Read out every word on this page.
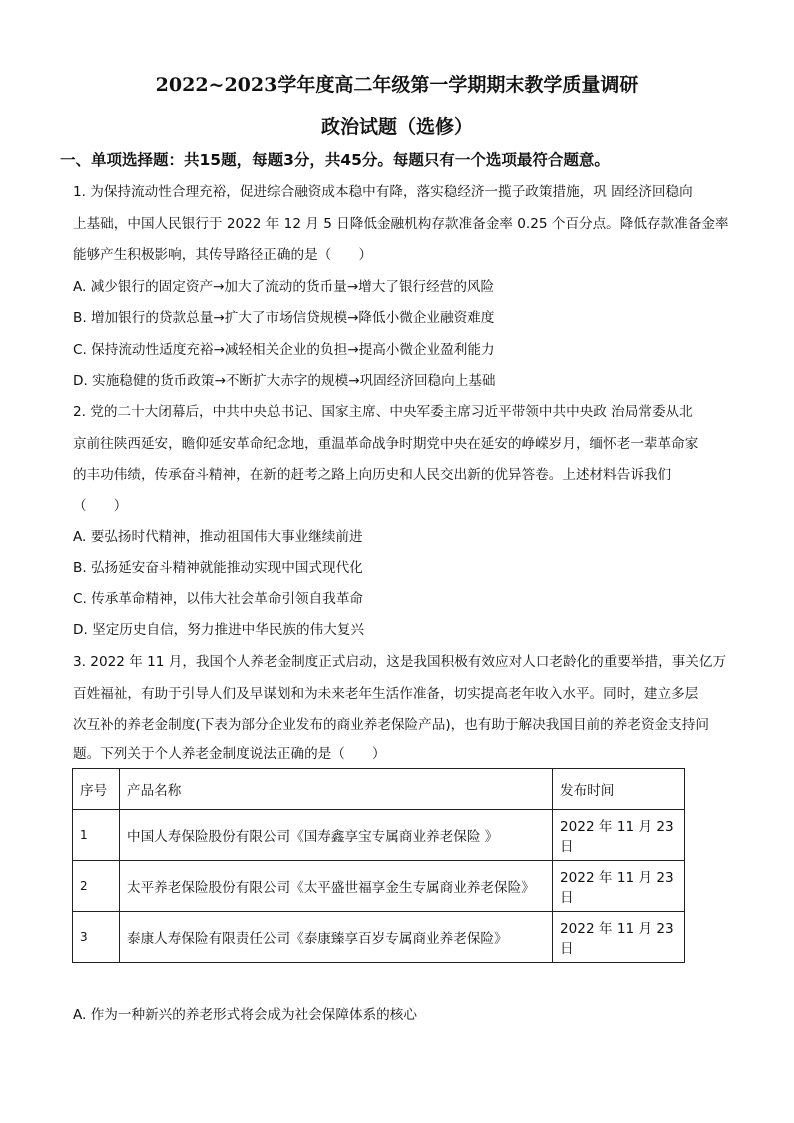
2022~2023学年度高二年级第一学期期末教学质量调研
政治试题（选修）
一、单项选择题：共15题，每题3分，共45分。每题只有一个选项最符合题意。
1. 为保持流动性合理充裕，促进综合融资成本稳中有降，落实稳经济一揽子政策措施，巩 固经济回稳向
上基础，中国人民银行于 2022 年 12 月 5 日降低金融机构存款准备金率 0.25 个百分点。降低存款准备金率
能够产生积极影响，其传导路径正确的是（　　）
A. 减少银行的固定资产→加大了流动的货币量→增大了银行经营的风险
B. 增加银行的贷款总量→扩大了市场信贷规模→降低小微企业融资难度
C. 保持流动性适度充裕→减轻相关企业的负担→提高小微企业盈利能力
D. 实施稳健的货币政策→不断扩大赤字的规模→巩固经济回稳向上基础
2. 党的二十大闭幕后，中共中央总书记、国家主席、中央军委主席习近平带领中共中央政 治局常委从北
京前往陕西延安，瞻仰延安革命纪念地，重温革命战争时期党中央在延安的峥嵘岁月，缅怀老一辈革命家
的丰功伟绩，传承奋斗精神，在新的赶考之路上向历史和人民交出新的优异答卷。上述材料告诉我们
（　　）
A. 要弘扬时代精神，推动祖国伟大事业继续前进
B. 弘扬延安奋斗精神就能推动实现中国式现代化
C. 传承革命精神，以伟大社会革命引领自我革命
D. 坚定历史自信，努力推进中华民族的伟大复兴
3. 2022 年 11 月，我国个人养老金制度正式启动，这是我国积极有效应对人口老龄化的重要举措，事关亿万
百姓福祉，有助于引导人们及早谋划和为未来老年生活作准备，切实提高老年收入水平。同时，建立多层
次互补的养老金制度(下表为部分企业发布的商业养老保险产品)，也有助于解决我国目前的养老资金支持问
题。下列关于个人养老金制度说法正确的是（　　）
序号	产品名称	发布时间
1	中国人寿保险股份有限公司《国寿鑫享宝专属商业养老保险 》	2022 年 11 月 23 日
2	太平养老保险股份有限公司《太平盛世福享金生专属商业养老保险》	2022 年 11 月 23 日
3	泰康人寿保险有限责任公司《泰康臻享百岁专属商业养老保险》	2022 年 11 月 23 日
A. 作为一种新兴的养老形式将会成为社会保障体系的核心
